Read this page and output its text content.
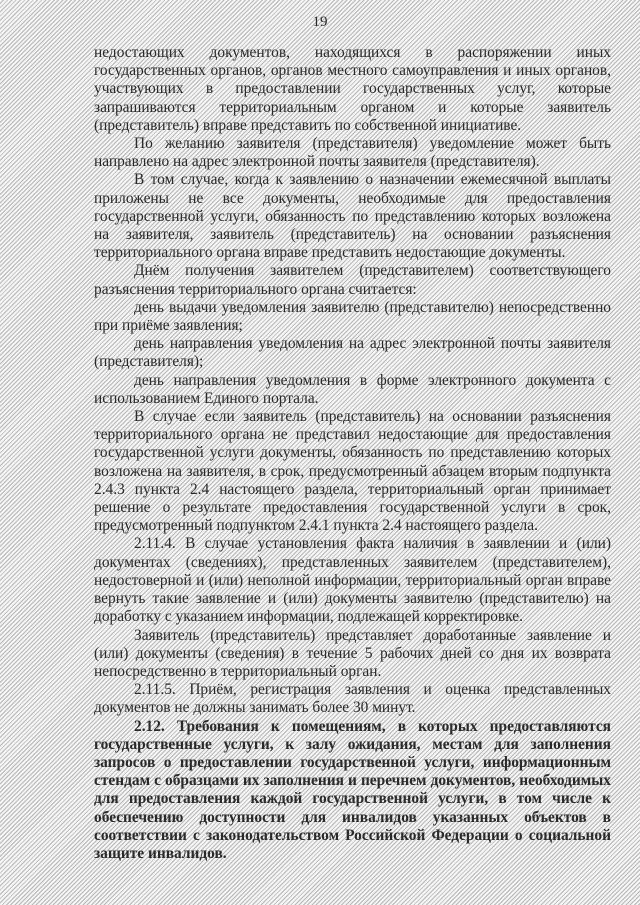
19

недостающих документов, находящихся в распоряжении иных государственных органов, органов местного самоуправления и иных органов, участвующих в предоставлении государственных услуг, которые запрашиваются территориальным органом и которые заявитель (представитель) вправе представить по собственной инициативе.

По желанию заявителя (представителя) уведомление может быть направлено на адрес электронной почты заявителя (представителя).

В том случае, когда к заявлению о назначении ежемесячной выплаты приложены не все документы, необходимые для предоставления государственной услуги, обязанность по представлению которых возложена на заявителя, заявитель (представитель) на основании разъяснения территориального органа вправе представить недостающие документы.

Днём получения заявителем (представителем) соответствующего разъяснения территориального органа считается:

день выдачи уведомления заявителю (представителю) непосредственно при приёме заявления;

день направления уведомления на адрес электронной почты заявителя (представителя);

день направления уведомления в форме электронного документа с использованием Единого портала.

В случае если заявитель (представитель) на основании разъяснения территориального органа не представил недостающие для предоставления государственной услуги документы, обязанность по представлению которых возложена на заявителя, в срок, предусмотренный абзацем вторым подпункта 2.4.3 пункта 2.4 настоящего раздела, территориальный орган принимает решение о результате предоставления государственной услуги в срок, предусмотренный подпунктом 2.4.1 пункта 2.4 настоящего раздела.

2.11.4. В случае установления факта наличия в заявлении и (или) документах (сведениях), представленных заявителем (представителем), недостоверной и (или) неполной информации, территориальный орган вправе вернуть такие заявление и (или) документы заявителю (представителю) на доработку с указанием информации, подлежащей корректировке.

Заявитель (представитель) представляет доработанные заявление и (или) документы (сведения) в течение 5 рабочих дней со дня их возврата непосредственно в территориальный орган.

2.11.5. Приём, регистрация заявления и оценка представленных документов не должны занимать более 30 минут.

2.12. Требования к помещениям, в которых предоставляются государственные услуги, к залу ожидания, местам для заполнения запросов о предоставлении государственной услуги, информационным стендам с образцами их заполнения и перечнем документов, необходимых для предоставления каждой государственной услуги, в том числе к обеспечению доступности для инвалидов указанных объектов в соответствии с законодательством Российской Федерации о социальной защите инвалидов.
